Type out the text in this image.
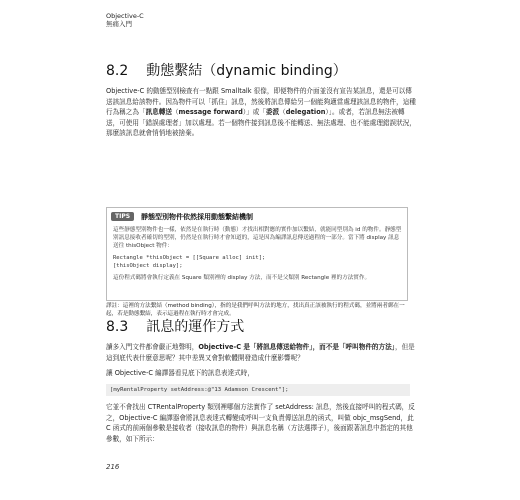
Objective-C
無痛入門
8.2 動態繫結（dynamic binding）
Objective-C 的動態型別檢查有一點跟 Smalltalk 很像，即便物件的介面並沒有宣告某訊息，還是可以傳送該訊息給該物件。因為物件可以「抓住」訊息，然後將訊息傳給另一個能夠適當處理該訊息的物件，這種行為稱之為「訊息轉送（message forward）」或「委派（delegation）」。或者，若訊息無法被轉送，可使用「錯誤處理者」加以處理。若一個物件接到訊息後不能轉送、無法處理、也不能處理錯誤狀況，那麼該訊息就會悄悄地被捨棄。
TIPS	靜態型別物件依然採用動態繫結機制
這些靜態型別物件也一樣，依然是在執行時（動態）才找出相對應的實作加以繫結，就能同型別為 id 的物件。靜態型別訊息接收者確切的型別，仍然是在執行時才會知道的，這是因為編譯訊息傳送過程的一部分。當下將 display 訊息送往 thisObject 物件：
Rectangle *thisObject = [[Square alloc] init];
[thisObject display];
這份程式碼將會執行定義在 Square 類別裡的 display 方法，而不是父類別 Rectangle 裡的方法實作。
譯註：這裡的方法繫結（method binding），指的是我們呼叫方法的地方，找出真正該被執行的程式碼，並將兩者綁在一起，若是動態繫結，表示這過程在執行時才會完成。
8.3 訊息的運作方式
讀多入門文件都會嚴正地聲明，Objective-C 是「將訊息傳送給物件」，而不是「呼叫物件的方法」，但是這到底代表什麼意思呢？其中差異又會對軟體開發造成什麼影響呢？
讓 Objective-C 編譯器看見底下的訊息表達式時，
[myRentalProperty setAddress:@"13 Adamson Crescent"];
它並不會找出 CTRentalProperty 類別裡哪個方法實作了 setAddress: 訊息，然後直接呼叫的程式碼，反之，Objective-C 編譯器會將訊息表達式轉變成呼叫一支負責傳送訊息的函式，叫做 objc_msgSend，此 C 函式的前兩個參數是接收者（接收訊息的物件）與訊息名稱（方法選擇子），後面跟著訊息中指定的其他參數，如下所示：
216
